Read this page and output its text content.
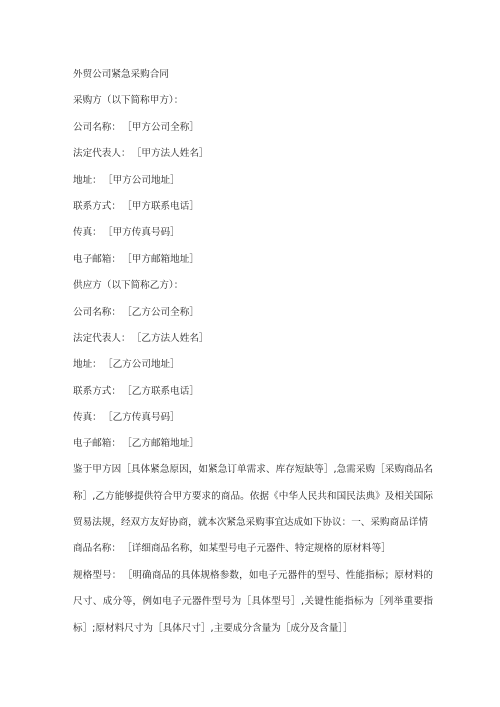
外贸公司紧急采购合同
采购方（以下简称甲方）：
公司名称： ［甲方公司全称］
法定代表人： ［甲方法人姓名］
地址： ［甲方公司地址］
联系方式： ［甲方联系电话］
传真： ［甲方传真号码］
电子邮箱： ［甲方邮箱地址］
供应方（以下简称乙方）：
公司名称： ［乙方公司全称］
法定代表人： ［乙方法人姓名］
地址： ［乙方公司地址］
联系方式： ［乙方联系电话］
传真： ［乙方传真号码］
电子邮箱： ［乙方邮箱地址］

鉴于甲方因［具体紧急原因，如紧急订单需求、库存短缺等］,急需采购［采购商品名称］,乙方能够提供符合甲方要求的商品。依据《中华人民共和国民法典》及相关国际贸易法规，经双方友好协商，就本次紧急采购事宜达成如下协议：一、采购商品详情

商品名称： ［详细商品名称，如某型号电子元器件、特定规格的原材料等］

规格型号： ［明确商品的具体规格参数，如电子元器件的型号、性能指标；原材料的尺寸、成分等，例如电子元器件型号为［具体型号］,关键性能指标为［列举重要指标］;原材料尺寸为［具体尺寸］,主要成分含量为［成分及含量］］
